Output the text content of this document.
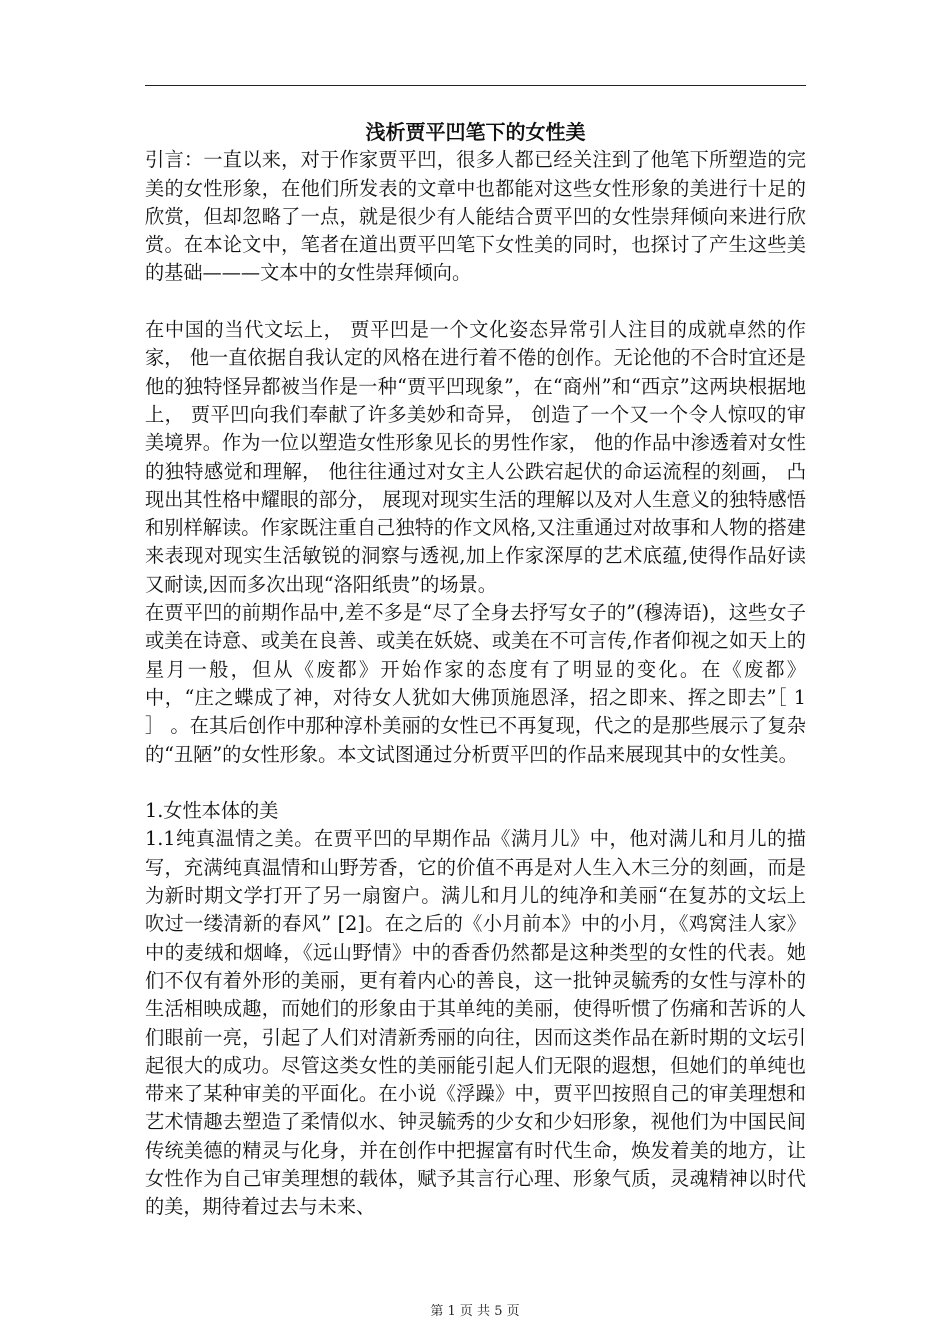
浅析贾平凹笔下的女性美

引言：一直以来，对于作家贾平凹，很多人都已经关注到了他笔下所塑造的完美的女性形象，在他们所发表的文章中也都能对这些女性形象的美进行十足的欣赏，但却忽略了一点，就是很少有人能结合贾平凹的女性崇拜倾向来进行欣赏。在本论文中，笔者在道出贾平凹笔下女性美的同时，也探讨了产生这些美的基础———文本中的女性崇拜倾向。

在中国的当代文坛上， 贾平凹是一个文化姿态异常引人注目的成就卓然的作家， 他一直依据自我认定的风格在进行着不倦的创作。无论他的不合时宜还是他的独特怪异都被当作是一种“贾平凹现象”，在“商州”和“西京”这两块根据地上， 贾平凹向我们奉献了许多美妙和奇异， 创造了一个又一个令人惊叹的审美境界。作为一位以塑造女性形象见长的男性作家， 他的作品中渗透着对女性的独特感觉和理解， 他往往通过对女主人公跌宕起伏的命运流程的刻画， 凸现出其性格中耀眼的部分， 展现对现实生活的理解以及对人生意义的独特感悟和别样解读。作家既注重自己独特的作文风格,又注重通过对故事和人物的搭建来表现对现实生活敏锐的洞察与透视,加上作家深厚的艺术底蕴,使得作品好读又耐读,因而多次出现“洛阳纸贵”的场景。

在贾平凹的前期作品中,差不多是“尽了全身去抒写女子的”(穆涛语)，这些女子或美在诗意、或美在良善、或美在妖娆、或美在不可言传,作者仰视之如天上的星月一般，但从《废都》开始作家的态度有了明显的变化。在《废都》中，“庄之蝶成了神，对待女人犹如大佛顶施恩泽，招之即来、挥之即去”［ 1 ］ 。在其后创作中那种淳朴美丽的女性已不再复现，代之的是那些展示了复杂的“丑陋”的女性形象。本文试图通过分析贾平凹的作品来展现其中的女性美。

1.女性本体的美

1.1纯真温情之美。在贾平凹的早期作品《满月儿》中，他对满儿和月儿的描写，充满纯真温情和山野芳香，它的价值不再是对人生入木三分的刻画，而是为新时期文学打开了另一扇窗户。满儿和月儿的纯净和美丽“在复苏的文坛上吹过一缕清新的春风” [2]。在之后的《小月前本》中的小月，《鸡窝洼人家》中的麦绒和烟峰，《远山野情》中的香香仍然都是这种类型的女性的代表。她们不仅有着外形的美丽，更有着内心的善良，这一批钟灵毓秀的女性与淳朴的生活相映成趣，而她们的形象由于其单纯的美丽，使得听惯了伤痛和苦诉的人们眼前一亮，引起了人们对清新秀丽的向往，因而这类作品在新时期的文坛引起很大的成功。尽管这类女性的美丽能引起人们无限的遐想，但她们的单纯也带来了某种审美的平面化。在小说《浮躁》中，贾平凹按照自己的审美理想和艺术情趣去塑造了柔情似水、钟灵毓秀的少女和少妇形象，视他们为中国民间传统美德的精灵与化身，并在创作中把握富有时代生命，焕发着美的地方，让女性作为自己审美理想的载体，赋予其言行心理、形象气质，灵魂精神以时代的美，期待着过去与未来、

第 1 页 共 5 页
